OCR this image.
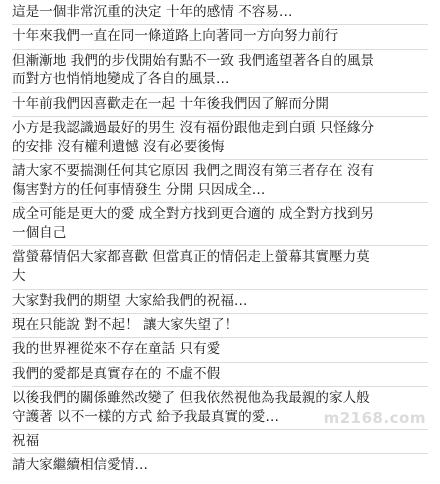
這是一個非常沉重的決定 十年的感情 不容易…
十年來我們一直在同一條道路上向著同一方向努力前行
但漸漸地 我們的步伐開始有點不一致 我們遙望著各自的風景
而對方也悄悄地變成了各自的風景…
十年前我們因喜歡走在一起 十年後我們因了解而分開
小方是我認識過最好的男生 沒有福份跟他走到白頭 只怪緣分
的安排 沒有權利遺憾 沒有必要後悔
請大家不要揣測任何其它原因 我們之間沒有第三者存在 沒有
傷害對方的任何事情發生 分開 只因成全…
成全可能是更大的愛 成全對方找到更合適的 成全對方找到另
一個自己
當螢幕情侶大家都喜歡 但當真正的情侶走上螢幕其實壓力莫
大
大家對我們的期望 大家給我們的祝福…
現在只能說 對不起！ 讓大家失望了！
我的世界裡從來不存在童話 只有愛
我們的愛都是真實存在的 不虛不假
以後我們的關係雖然改變了 但我依然視他為我最親的家人般
守護著 以不一樣的方式 給予我最真實的愛…
祝福
請大家繼續相信愛情…
m2168.com
